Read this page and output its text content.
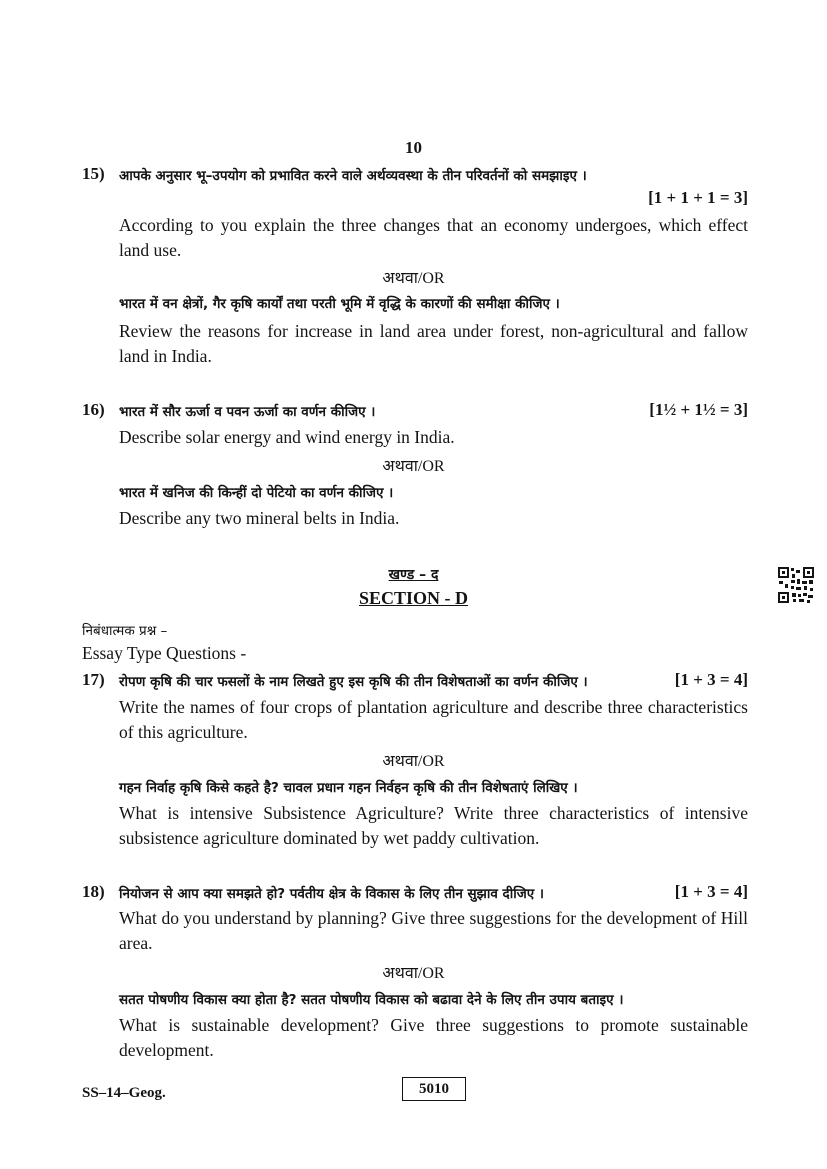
10
15) आपके अनुसार भू–उपयोग को प्रभावित करने वाले अर्थव्यवस्था के तीन परिवर्तनों को समझाइए ।
[1 + 1 + 1 = 3]
According to you explain the three changes that an economy undergoes, which effect land use.
अथवा/OR
भारत में वन क्षेत्रों, गैर कृषि कार्यों तथा परती भूमि में वृद्धि के कारणों की समीक्षा कीजिए ।
Review the reasons for increase in land area under forest, non-agricultural and fallow land in India.
16) भारत में सौर ऊर्जा व पवन ऊर्जा का वर्णन कीजिए ।	[1½ + 1½ = 3]
Describe solar energy and wind energy in India.
अथवा/OR
भारत में खनिज की किन्हीं दो पेटियो का वर्णन कीजिए ।
Describe any two mineral belts in India.
खण्ड – द
SECTION - D
निबंधात्मक प्रश्न –
Essay Type Questions -
17) रोपण कृषि की चार फसलों के नाम लिखते हुए इस कृषि की तीन विशेषताओं का वर्णन कीजिए ।	[1 + 3 = 4]
Write the names of four crops of plantation agriculture and describe three characteristics of this agriculture.
अथवा/OR
गहन निर्वाह कृषि किसे कहते है? चावल प्रधान गहन निर्वहन कृषि की तीन विशेषताएं लिखिए ।
What is intensive Subsistence Agriculture? Write three characteristics of intensive subsistence agriculture dominated by wet paddy cultivation.
18) नियोजन से आप क्या समझते हो? पर्वतीय क्षेत्र के विकास के लिए तीन सुझाव दीजिए ।	[1 + 3 = 4]
What do you understand by planning? Give three suggestions for the development of Hill area.
अथवा/OR
सतत पोषणीय विकास क्या होता है? सतत पोषणीय विकास को बढावा देने के लिए तीन उपाय बताइए ।
What is sustainable development? Give three suggestions to promote sustainable development.
SS–14–Geog.	5010
